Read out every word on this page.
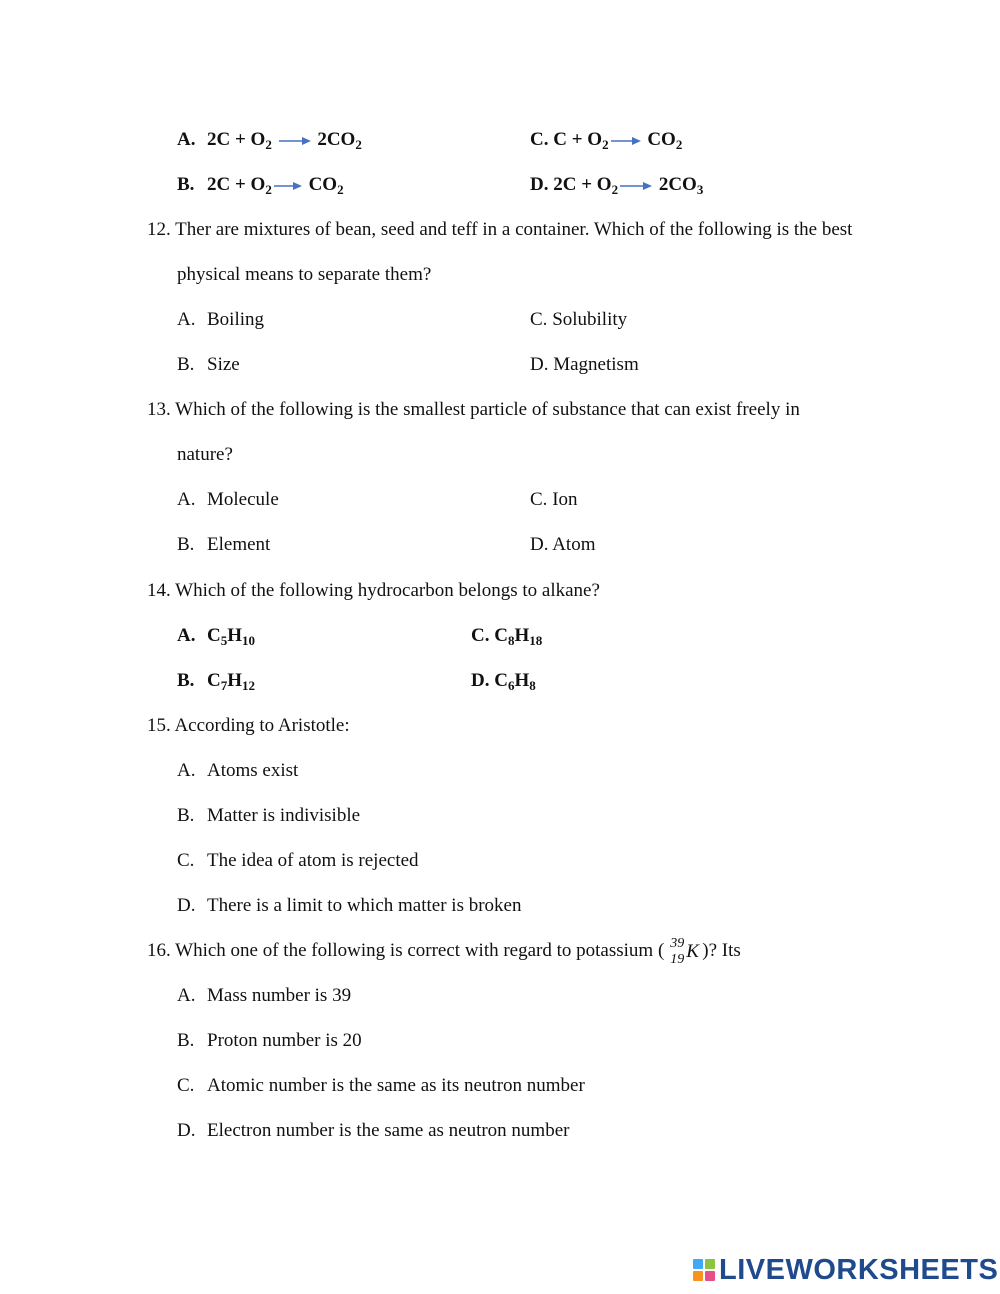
A. $2C + O_2 \to 2CO_2$	C. $C + O_2\to CO_2$
B. $2C + O_2\to CO_2$	D. $2C + O_2\to 2CO_3$
12. Ther are mixtures of bean, seed and teff in a container. Which of the following is the best
physical means to separate them?
A. Boiling	C. Solubility
B. Size	D. Magnetism
13. Which of the following is the smallest particle of substance that can exist freely in
nature?
A. Molecule	C. Ion
B. Element	D. Atom
14. Which of the following hydrocarbon belongs to alkane?
A. $C_5H_{10}$	C. $C_8H_{18}$
B. $C_7H_{12}$	D. $C_6H_8$
15. According to Aristotle:
A. Atoms exist
B. Matter is indivisible
C. The idea of atom is rejected
D. There is a limit to which matter is broken
16. Which one of the following is correct with regard to potassium ( 39
19 K )? Its
A. Mass number is 39
B. Proton number is 20
C. Atomic number is the same as its neutron number
D. Electron number is the same as neutron number
LIVEWORKSHEETS
